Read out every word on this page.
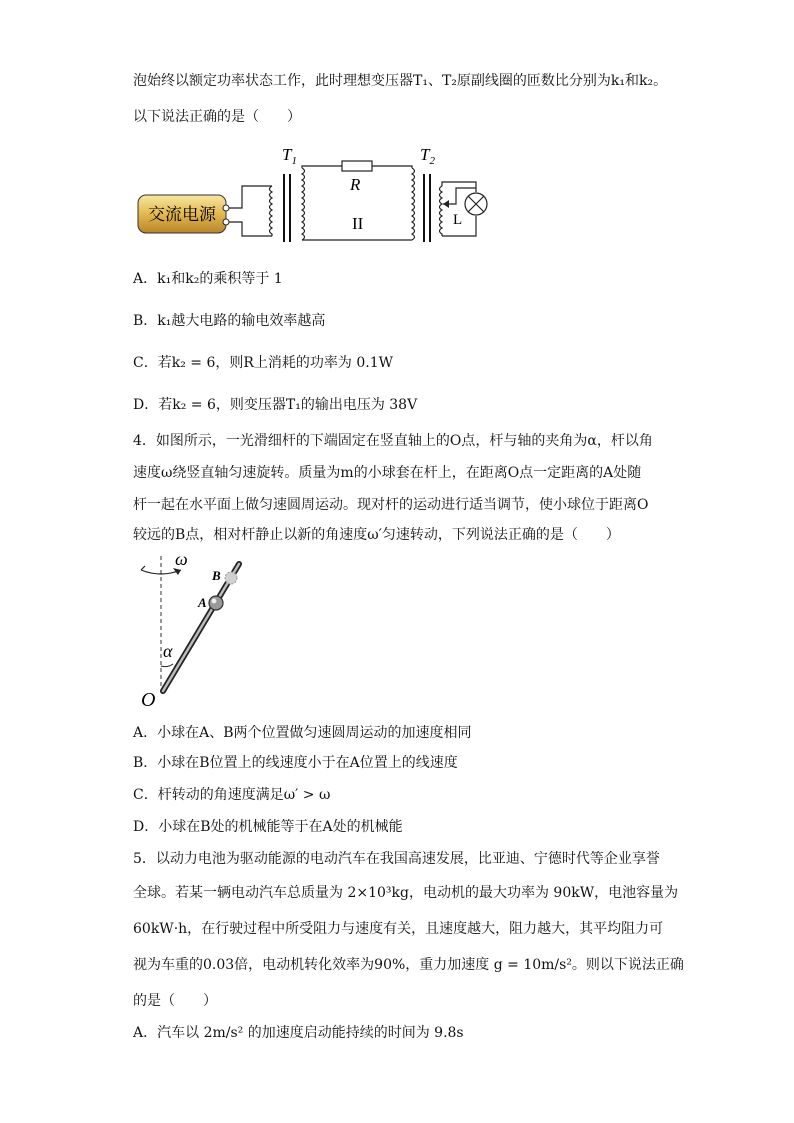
泡始终以额定功率状态工作，此时理想变压器T₁、T₂原副线圈的匝数比分别为k₁和k₂。
以下说法正确的是（　　）
交流电源
$T_1$
R
II
$T_2$
L
A．k₁和k₂的乘积等于 1
B．k₁越大电路的输电效率越高
C．若k₂ = 6，则R上消耗的功率为 0.1W
D．若k₂ = 6，则变压器T₁的输出电压为 38V
4．如图所示，一光滑细杆的下端固定在竖直轴上的O点，杆与轴的夹角为α，杆以角
速度ω绕竖直轴匀速旋转。质量为m的小球套在杆上，在距离O点一定距离的A处随
杆一起在水平面上做匀速圆周运动。现对杆的运动进行适当调节，使小球位于距离O
较远的B点，相对杆静止以新的角速度ω′匀速转动，下列说法正确的是（　　）
ω
B
A
α
O
A．小球在A、B两个位置做匀速圆周运动的加速度相同
B．小球在B位置上的线速度小于在A位置上的线速度
C．杆转动的角速度满足ω′ > ω
D．小球在B处的机械能等于在A处的机械能
5．以动力电池为驱动能源的电动汽车在我国高速发展，比亚迪、宁德时代等企业享誉
全球。若某一辆电动汽车总质量为 2×10³kg，电动机的最大功率为 90kW，电池容量为
60kW·h，在行驶过程中所受阻力与速度有关，且速度越大，阻力越大，其平均阻力可
视为车重的0.03倍，电动机转化效率为90%，重力加速度 g = 10m/s²。则以下说法正确
的是（　　）
A．汽车以 2m/s² 的加速度启动能持续的时间为 9.8s
